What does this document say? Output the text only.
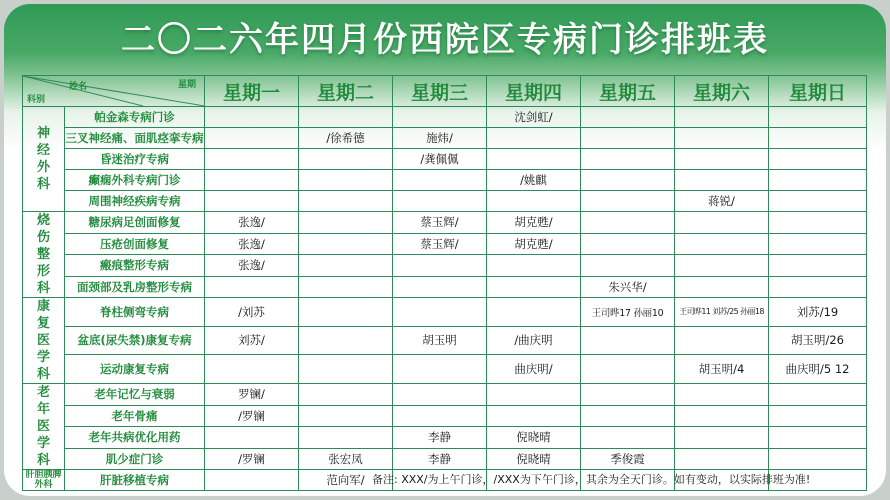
二〇二六年四月份西院区专病门诊排班表
星期
姓名
科别		星期一	星期二	星期三	星期四	星期五	星期六	星期日
神经外科	帕金森专病门诊				沈剑虹/			
	三叉神经痛、面肌痉挛专病		/徐希德	施炜/				
	昏迷治疗专病			/龚佩佩				
	癫痫外科专病门诊				/姚麒			
	周围神经疾病专病						蒋锐/	
烧伤整形科	糖尿病足创面修复	张逸/		蔡玉辉/	胡克甦/			
	压疮创面修复	张逸/		蔡玉辉/	胡克甦/			
	瘢痕整形专病	张逸/						
	面颈部及乳房整形专病					朱兴华/		
康复医学科	脊柱侧弯专病	/刘苏				王司晔17 孙丽10	王司晔11 刘苏/25 孙丽18	刘苏/19
	盆底(尿失禁)康复专病	刘苏/		胡玉明	/曲庆明			胡玉明/26
	运动康复专病				曲庆明/		胡玉明/4	曲庆明/5 12
老年医学科	老年记忆与衰弱	罗镧/						
	老年骨痛	/罗镧						
	老年共病优化用药			李静	倪晓晴			
	肌少症门诊	/罗镧	张宏凤	李静	倪晓晴	季俊霞		
肝胆胰脾外科	肝脏移植专病		范向军/					备注: XXX/为上午门诊，/XXX为下午门诊，其余为全天门诊。如有变动，以实际排班为准!
